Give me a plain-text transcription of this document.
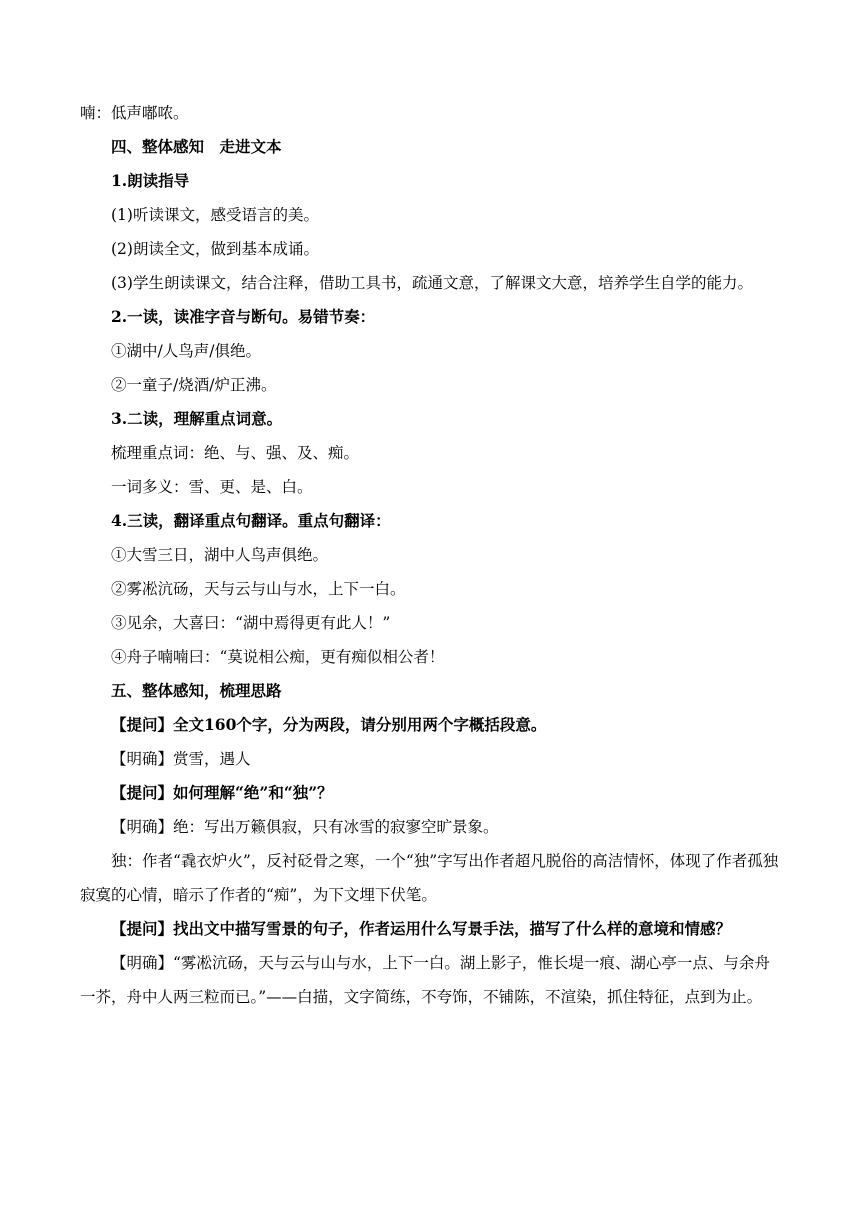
喃：低声嘟哝。

四、整体感知　走进文本

1.朗读指导

(1)听读课文，感受语言的美。

(2)朗读全文，做到基本成诵。

(3)学生朗读课文，结合注释，借助工具书，疏通文意，了解课文大意，培养学生自学的能力。

2.一读，读准字音与断句。易错节奏：

①湖中/人鸟声/俱绝。

②一童子/烧酒/炉正沸。

3.二读，理解重点词意。

梳理重点词：绝、与、强、及、痴。

一词多义：雪、更、是、白。

4.三读，翻译重点句翻译。重点句翻译：

①大雪三日，湖中人鸟声俱绝。

②雾凇沆砀，天与云与山与水，上下一白。

③见余，大喜曰：“湖中焉得更有此人！”

④舟子喃喃曰：“莫说相公痴，更有痴似相公者！

五、整体感知，梳理思路

【提问】全文160个字，分为两段，请分别用两个字概括段意。

【明确】赏雪，遇人

【提问】如何理解“绝”和“独”？

【明确】绝：写出万籁俱寂，只有冰雪的寂寥空旷景象。

独：作者“毳衣炉火”，反衬砭骨之寒，一个“独”字写出作者超凡脱俗的高洁情怀，体现了作者孤独寂寞的心情，暗示了作者的“痴”，为下文埋下伏笔。

【提问】找出文中描写雪景的句子，作者运用什么写景手法，描写了什么样的意境和情感？

【明确】“雾凇沆砀，天与云与山与水，上下一白。湖上影子，惟长堤一痕、湖心亭一点、与余舟一芥，舟中人两三粒而已。”——白描，文字简练，不夸饰，不铺陈，不渲染，抓住特征，点到为止。
